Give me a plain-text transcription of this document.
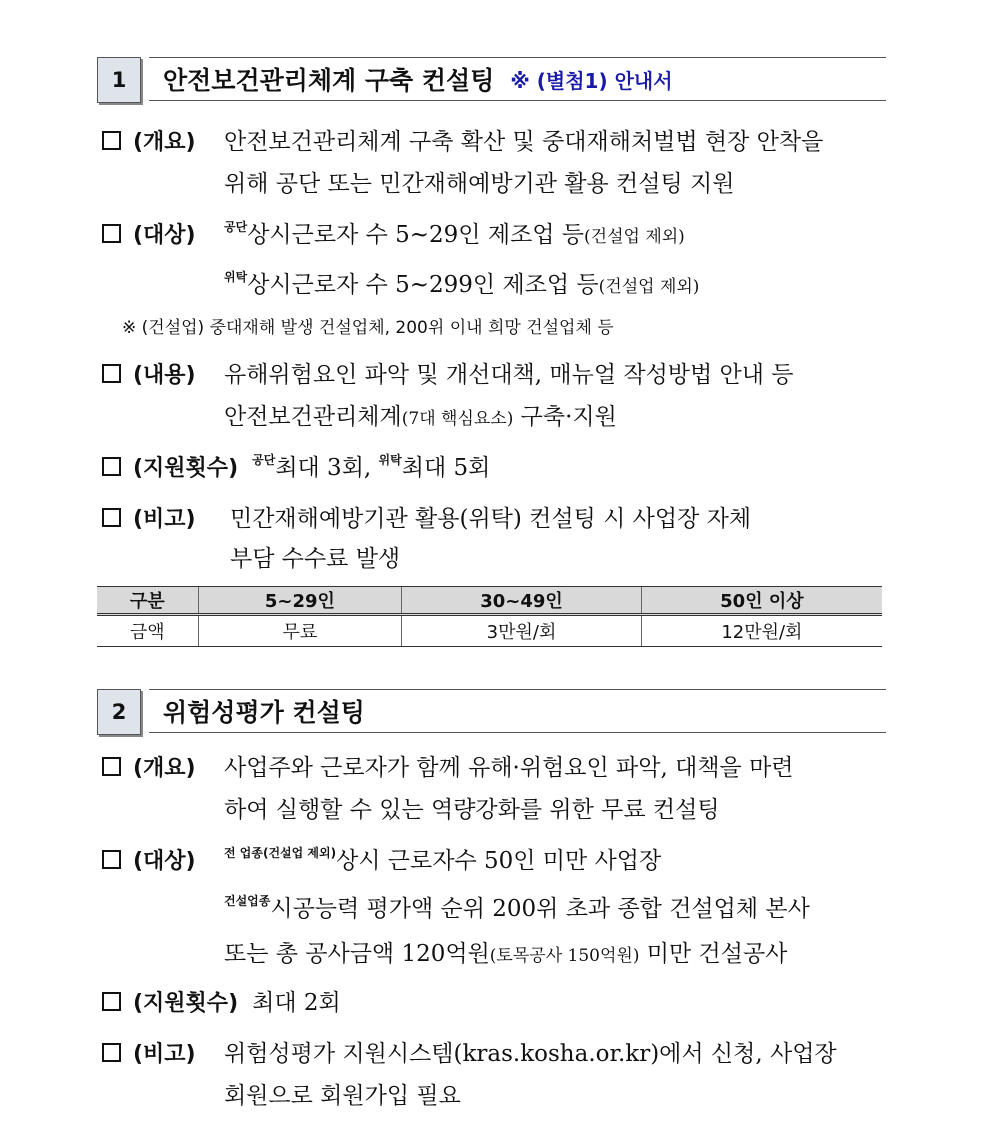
1	안전보건관리체계 구축 컨설팅 ※ (별첨1) 안내서
(개요)	안전보건관리체계 구축 확산 및 중대재해처벌법 현장 안착을
위해 공단 또는 민간재해예방기관 활용 컨설팅 지원
(대상)	$^{공단}$상시근로자 수 5~29인 제조업 등(건설업 제외)
$^{위탁}$상시근로자 수 5~299인 제조업 등(건설업 제외)
※ (건설업) 중대재해 발생 건설업체, 200위 이내 희망 건설업체 등
(내용)	유해위험요인 파악 및 개선대책, 매뉴얼 작성방법 안내 등
안전보건관리체계(7대 핵심요소) 구축·지원
(지원횟수) $^{공단}$최대 3회, $^{위탁}$최대 5회
(비고)	민간재해예방기관 활용(위탁) 컨설팅 시 사업장 자체
부담 수수료 발생
구분	5~29인	30~49인	50인 이상
금액	무료	3만원/회	12만원/회
2	위험성평가 컨설팅
(개요)	사업주와 근로자가 함께 유해·위험요인 파악, 대책을 마련
하여 실행할 수 있는 역량강화를 위한 무료 컨설팅
(대상)	$^{전 업종(건설업 제외)}$상시 근로자수 50인 미만 사업장
$^{건설업종}$시공능력 평가액 순위 200위 초과 종합 건설업체 본사
또는 총 공사금액 120억원(토목공사 150억원) 미만 건설공사
(지원횟수) 최대 2회
(비고)	위험성평가 지원시스템(kras.kosha.or.kr)에서 신청, 사업장
회원으로 회원가입 필요
